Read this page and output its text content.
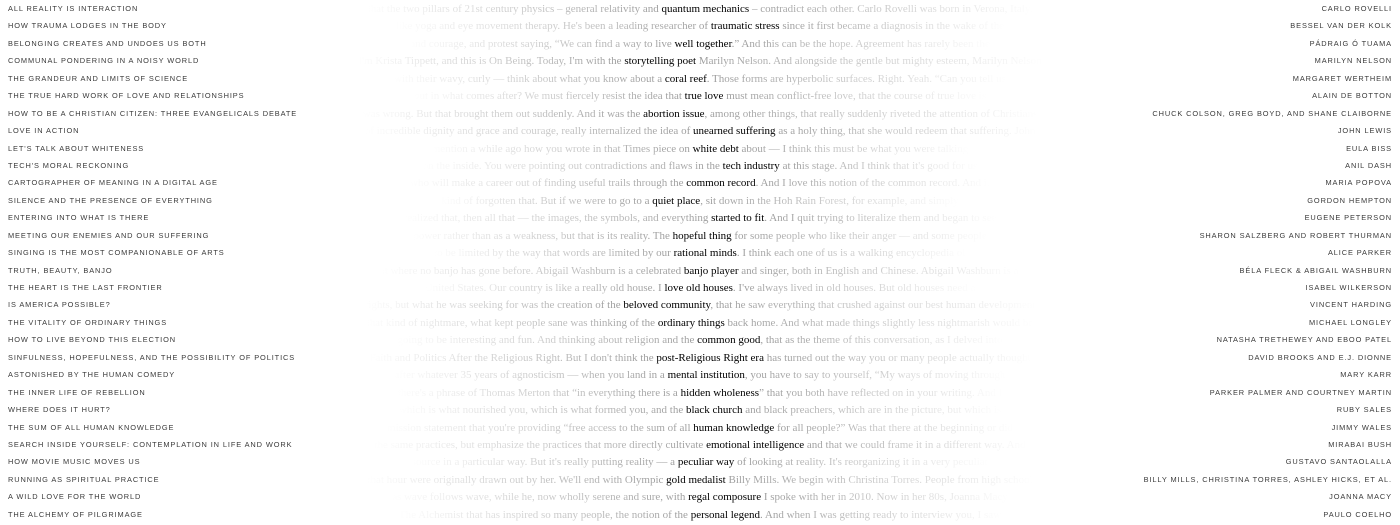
that the two pillars of 21st century physics – general relativity and quantum mechanics – contradict each other. Carlo Rovelli was born in Verona, Italy.
ALL REALITY IS INTERACTION	CARLO ROVELLI
like yoga and eye movement therapy. He's been a leading researcher of traumatic stress since it first became a diagnosis in the wake of the
HOW TRAUMA LODGES IN THE BODY	BESSEL VAN DER KOLK
and courage, and protest saying, “We can find a way to live well together.” And this can be the hope. Agreement has rarely been the
BELONGING CREATES AND UNDOES US BOTH	PÁDRAIG Ó TUAMA
I'm Krista Tippett, and this is On Being. Today, I'm with the storytelling poet Marilyn Nelson. And alongside the gentle but mighty esteem, Marilyn Nelson
COMMUNAL PONDERING IN A NOISY WORLD	MARILYN NELSON
with their wavy, curly — think about what you know about a coral reef. Those forms are hyperbolic surfaces. Right. Yeah. “Can you tell us
THE GRANDEUR AND LIMITS OF SCIENCE	MARGARET WERTHEIM
but in what comes after? We must fiercely resist the idea that true love must mean conflict-free love, that the course of true love is
THE TRUE HARD WORK OF LOVE AND RELATIONSHIPS	ALAIN DE BOTTON
was wrong. But that brought them out suddenly. And it was the abortion issue, among other things, that really suddenly riveted the attention of Christians
HOW TO BE A CHRISTIAN CITIZEN: THREE EVANGELICALS DEBATE	CHUCK COLSON, GREG BOYD, AND SHANE CLAIBORNE
of incredible dignity and grace and courage, really internalized the idea of unearned suffering as a holy thing, that she would redeem that suffering. John
LOVE IN ACTION	JOHN LEWIS
mention a while ago how you wrote in that Times piece on white debt about — I think this must be what you were talking
LET'S TALK ABOUT WHITENESS	EULA BISS
on the inside. You were pointing out contradictions and flaws in the tech industry at this stage. And I think that it's good for us
TECH'S MORAL RECKONING	ANIL DASH
who will make a career out of finding useful trails through the common record. And I love this notion of the common record. And it
CARTOGRAPHER OF MEANING IN A DIGITAL AGE	MARIA POPOVA
kind of forgotten that. But if we were to go to a quiet place, sit down in the Hoh Rain Forest, for example, and simply
SILENCE AND THE PRESENCE OF EVERYTHING	GORDON HEMPTON
realized that, then all that — the images, the symbols, and everything started to fit. And I quit trying to literalize them and began to see
ENTERING INTO WHAT IS THERE	EUGENE PETERSON
power rather than as a weakness, but that is its reality. The hopeful thing for some people who like their anger — and some people
MEETING OUR ENEMIES AND OUR SUFFERING	SHARON SALZBERG AND ROBERT THURMAN
to be limited by the way that words are limited by our rational minds. I think each one of us is a walking encyclopedia of
SINGING IS THE MOST COMPANIONABLE OF ARTS	ALICE PARKER
it where no banjo has gone before. Abigail Washburn is a celebrated banjo player and singer, both in English and Chinese. Abigail Washburn is a
TRUTH, BEAUTY, BANJO	BÉLA FLECK & ABIGAIL WASHBURN
United States. Our country is like a really old house. I love old houses. I've always lived in old houses. But old houses need a
THE HEART IS THE LAST FRONTIER	ISABEL WILKERSON
rights, but what he was seeking for was the creation of the beloved community, that he saw everything that crushed against our best human development
IS AMERICA POSSIBLE?	VINCENT HARDING
that kind of nightmare, what kept people sane was thinking of the ordinary things back home. And what made things slightly less nightmarish would be
THE VITALITY OF ORDINARY THINGS	MICHAEL LONGLEY
going to be interesting and fun. And thinking about religion and the common good, that as the theme of this conversation, as I delved into
HOW TO LIVE BEYOND THIS ELECTION	NATASHA TRETHEWEY AND EBOO PATEL
Faith and Politics After the Religious Right. But I don't think the post-Religious Right era has turned out the way you or many people actually thought
SINFULNESS, HOPEFULNESS, AND THE POSSIBILITY OF POLITICS	DAVID BROOKS AND E.J. DIONNE
after whatever 35 years of agnosticism — when you land in a mental institution, you have to say to yourself, “My ways of moving through
ASTONISHED BY THE HUMAN COMEDY	MARY KARR
there's a phrase of Thomas Merton that “in everything there is a hidden wholeness” that you both have reflected on in your writing. And I
THE INNER LIFE OF REBELLION	PARKER PALMER AND COURTNEY MARTIN
which is what nourished you, which is what formed you, and the black church and black preachers, which are in the picture, but which is
WHERE DOES IT HURT?	RUBY SALES
mission statement that you're providing “free access to the sum of all human knowledge for all people?” Was that there at the beginning or did
THE SUM OF ALL HUMAN KNOWLEDGE	JIMMY WALES
the same practices, but emphasize the practices that more directly cultivate emotional intelligence and that we could frame it in a different way. And
SEARCH INSIDE YOURSELF: CONTEMPLATION IN LIFE AND WORK	MIRABAI BUSH
source in a particular way. But it's really putting reality — a peculiar way of looking at reality. It's reorganizing it in a very peculiar
HOW MOVIE MUSIC MOVES US	GUSTAVO SANTAOLALLA
that hour were originally drawn out by her. We'll end with Olympic gold medalist Billy Mills. We begin with Christina Torres. People from high school
RUNNING AS SPIRITUAL PRACTICE	BILLY MILLS, CHRISTINA TORRES, ASHLEY HICKS, ET AL.
as wave follows wave, while he, now wholly serene and sure, with regal composure I spoke with her in 2010. Now in her 80s, Joanna Macy
A WILD LOVE FOR THE WORLD	JOANNA MACY
The Alchemist that has inspired so many people, the notion of the personal legend. And when I was getting ready to interview you, I saw
THE ALCHEMY OF PILGRIMAGE	PAULO COELHO
